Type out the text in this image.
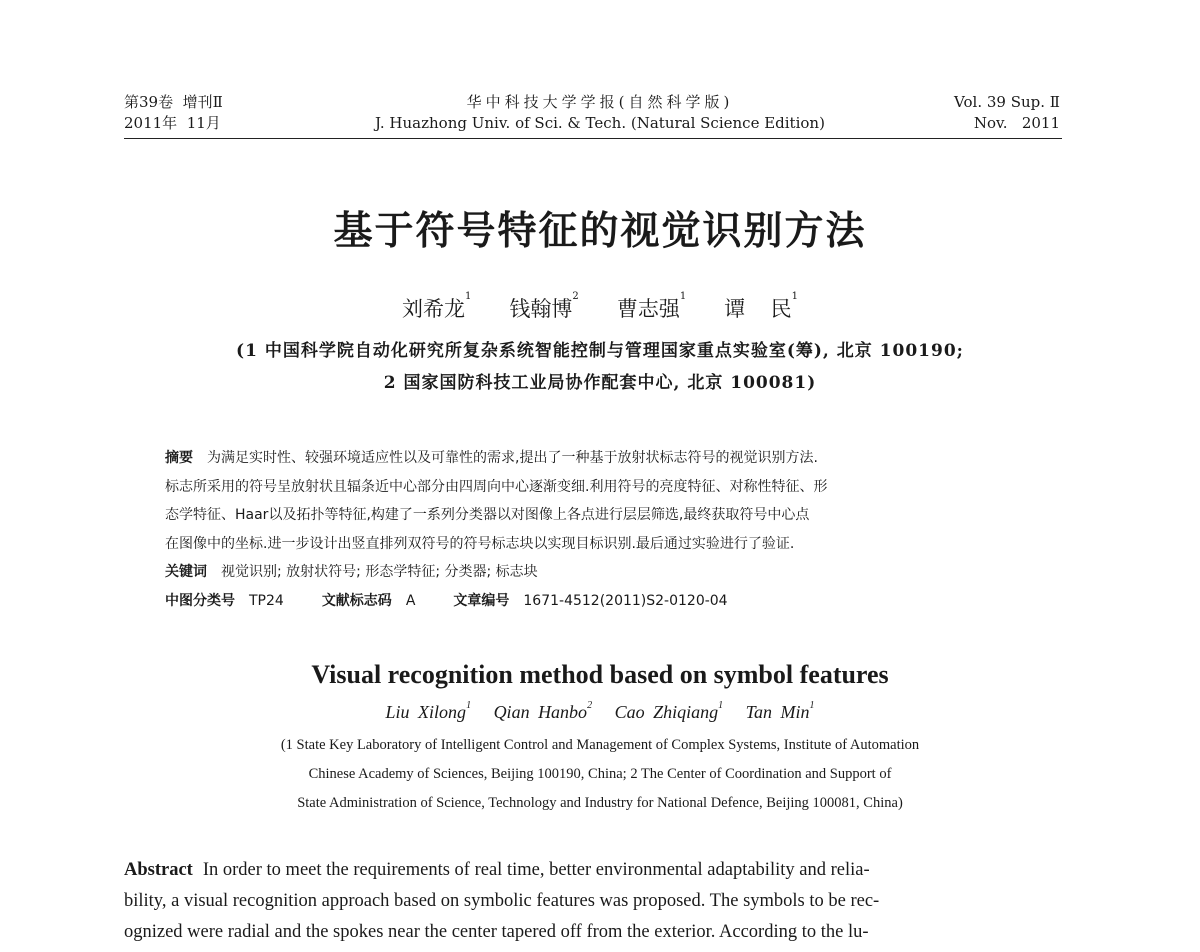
第39卷  增刊Ⅱ
2011年  11月
华中科技大学学报(自然科学版)
J. Huazhong Univ. of Sci. & Tech. (Natural Science Edition)
Vol. 39 Sup. Ⅱ
Nov.   2011
基于符号特征的视觉识别方法
刘希龙$^1$   钱翰博$^2$   曹志强$^1$   谭  民$^1$
(1 中国科学院自动化研究所复杂系统智能控制与管理国家重点实验室(筹), 北京 100190;
2 国家国防科技工业局协作配套中心, 北京 100081)

摘要 为满足实时性、较强环境适应性以及可靠性的需求,提出了一种基于放射状标志符号的视觉识别方法.

标志所采用的符号呈放射状且辐条近中心部分由四周向中心逐渐变细.利用符号的亮度特征、对称性特征、形

态学特征、Haar以及拓扑等特征,构建了一系列分类器以对图像上各点进行层层筛选,最终获取符号中心点

在图像中的坐标.进一步设计出竖直排列双符号的符号标志块以实现目标识别.最后通过实验进行了验证.

关键词 视觉识别; 放射状符号; 形态学特征; 分类器; 标志块

中图分类号 TP24	文献标志码 A	文章编号 1671-4512(2011)S2-0120-04

Visual recognition method based on symbol features
Liu Xilong$^1$ Qian Hanbo$^2$ Cao Zhiqiang$^1$ Tan Min$^1$
(1 State Key Laboratory of Intelligent Control and Management of Complex Systems, Institute of Automation
Chinese Academy of Sciences, Beijing 100190, China; 2 The Center of Coordination and Support of
State Administration of Science, Technology and Industry for National Defence, Beijing 100081, China)

Abstract In order to meet the requirements of real time, better environmental adaptability and relia-

bility, a visual recognition approach based on symbolic features was proposed. The symbols to be rec-

ognized were radial and the spokes near the center tapered off from the exterior. According to the lu-
